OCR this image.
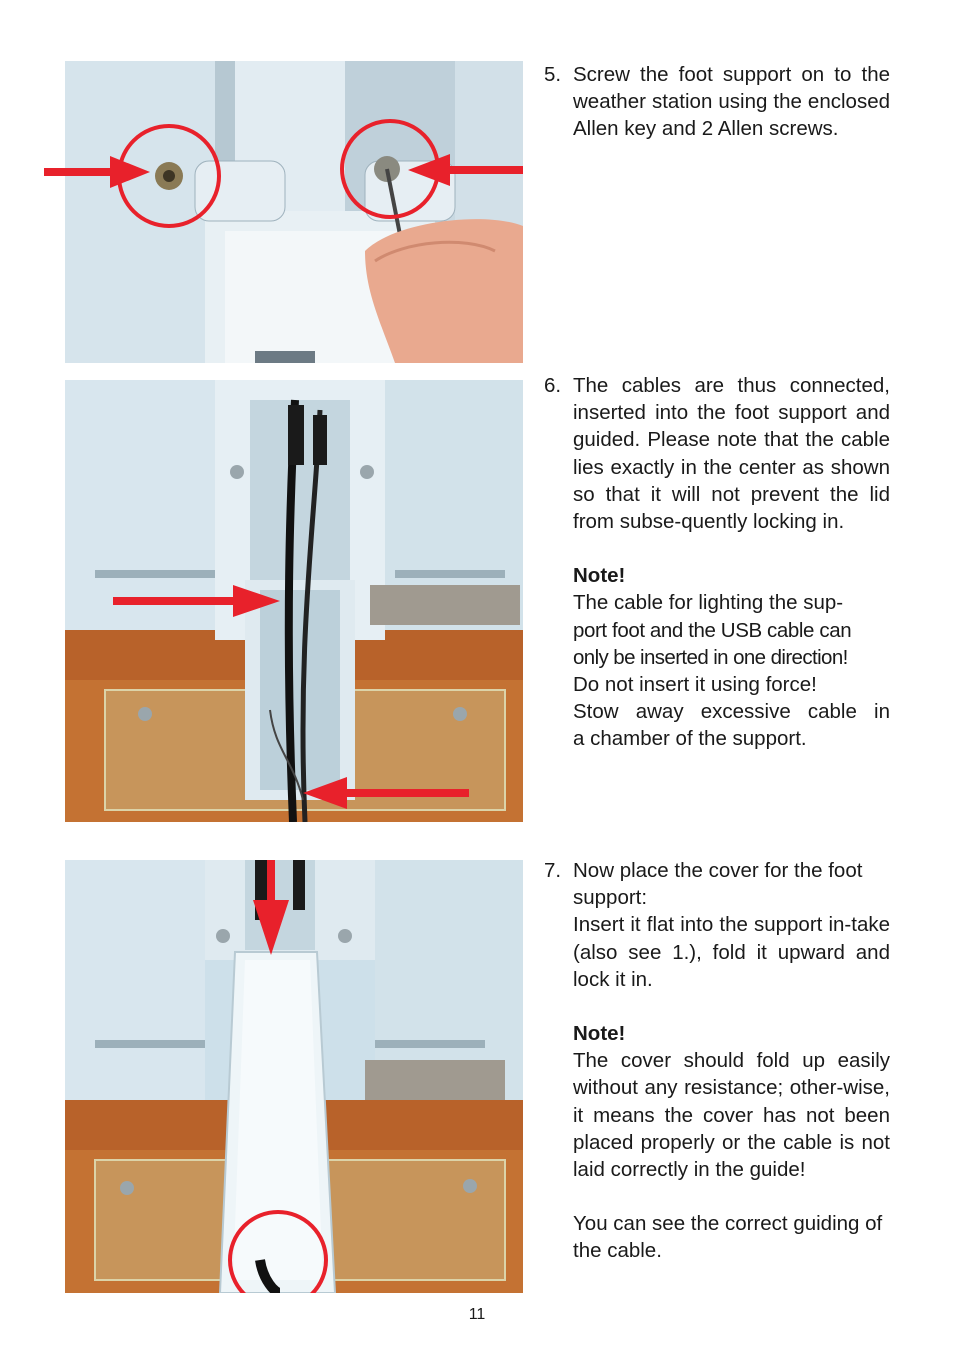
5. Screw the foot support on to the weather station using the enclosed Allen key and 2 Allen screws.

6. The cables are thus connected, inserted into the foot support and guided. Please note that the cable lies exactly in the center as shown so that it will not prevent the lid from subse-quently locking in.

Note!

The cable for lighting the sup-

port foot and the USB cable can

only be inserted in one direction!

Do not insert it using force!

Stow away excessive cable in

a chamber of the support.

7. Now place the cover for the foot support:

Insert it flat into the support in-take (also see 1.), fold it upward and lock it in.

Note!

The cover should fold up easily without any resistance; other-wise, it means the cover has not been placed properly or the cable is not laid correctly in the guide!

You can see the correct guiding of the cable.

11
